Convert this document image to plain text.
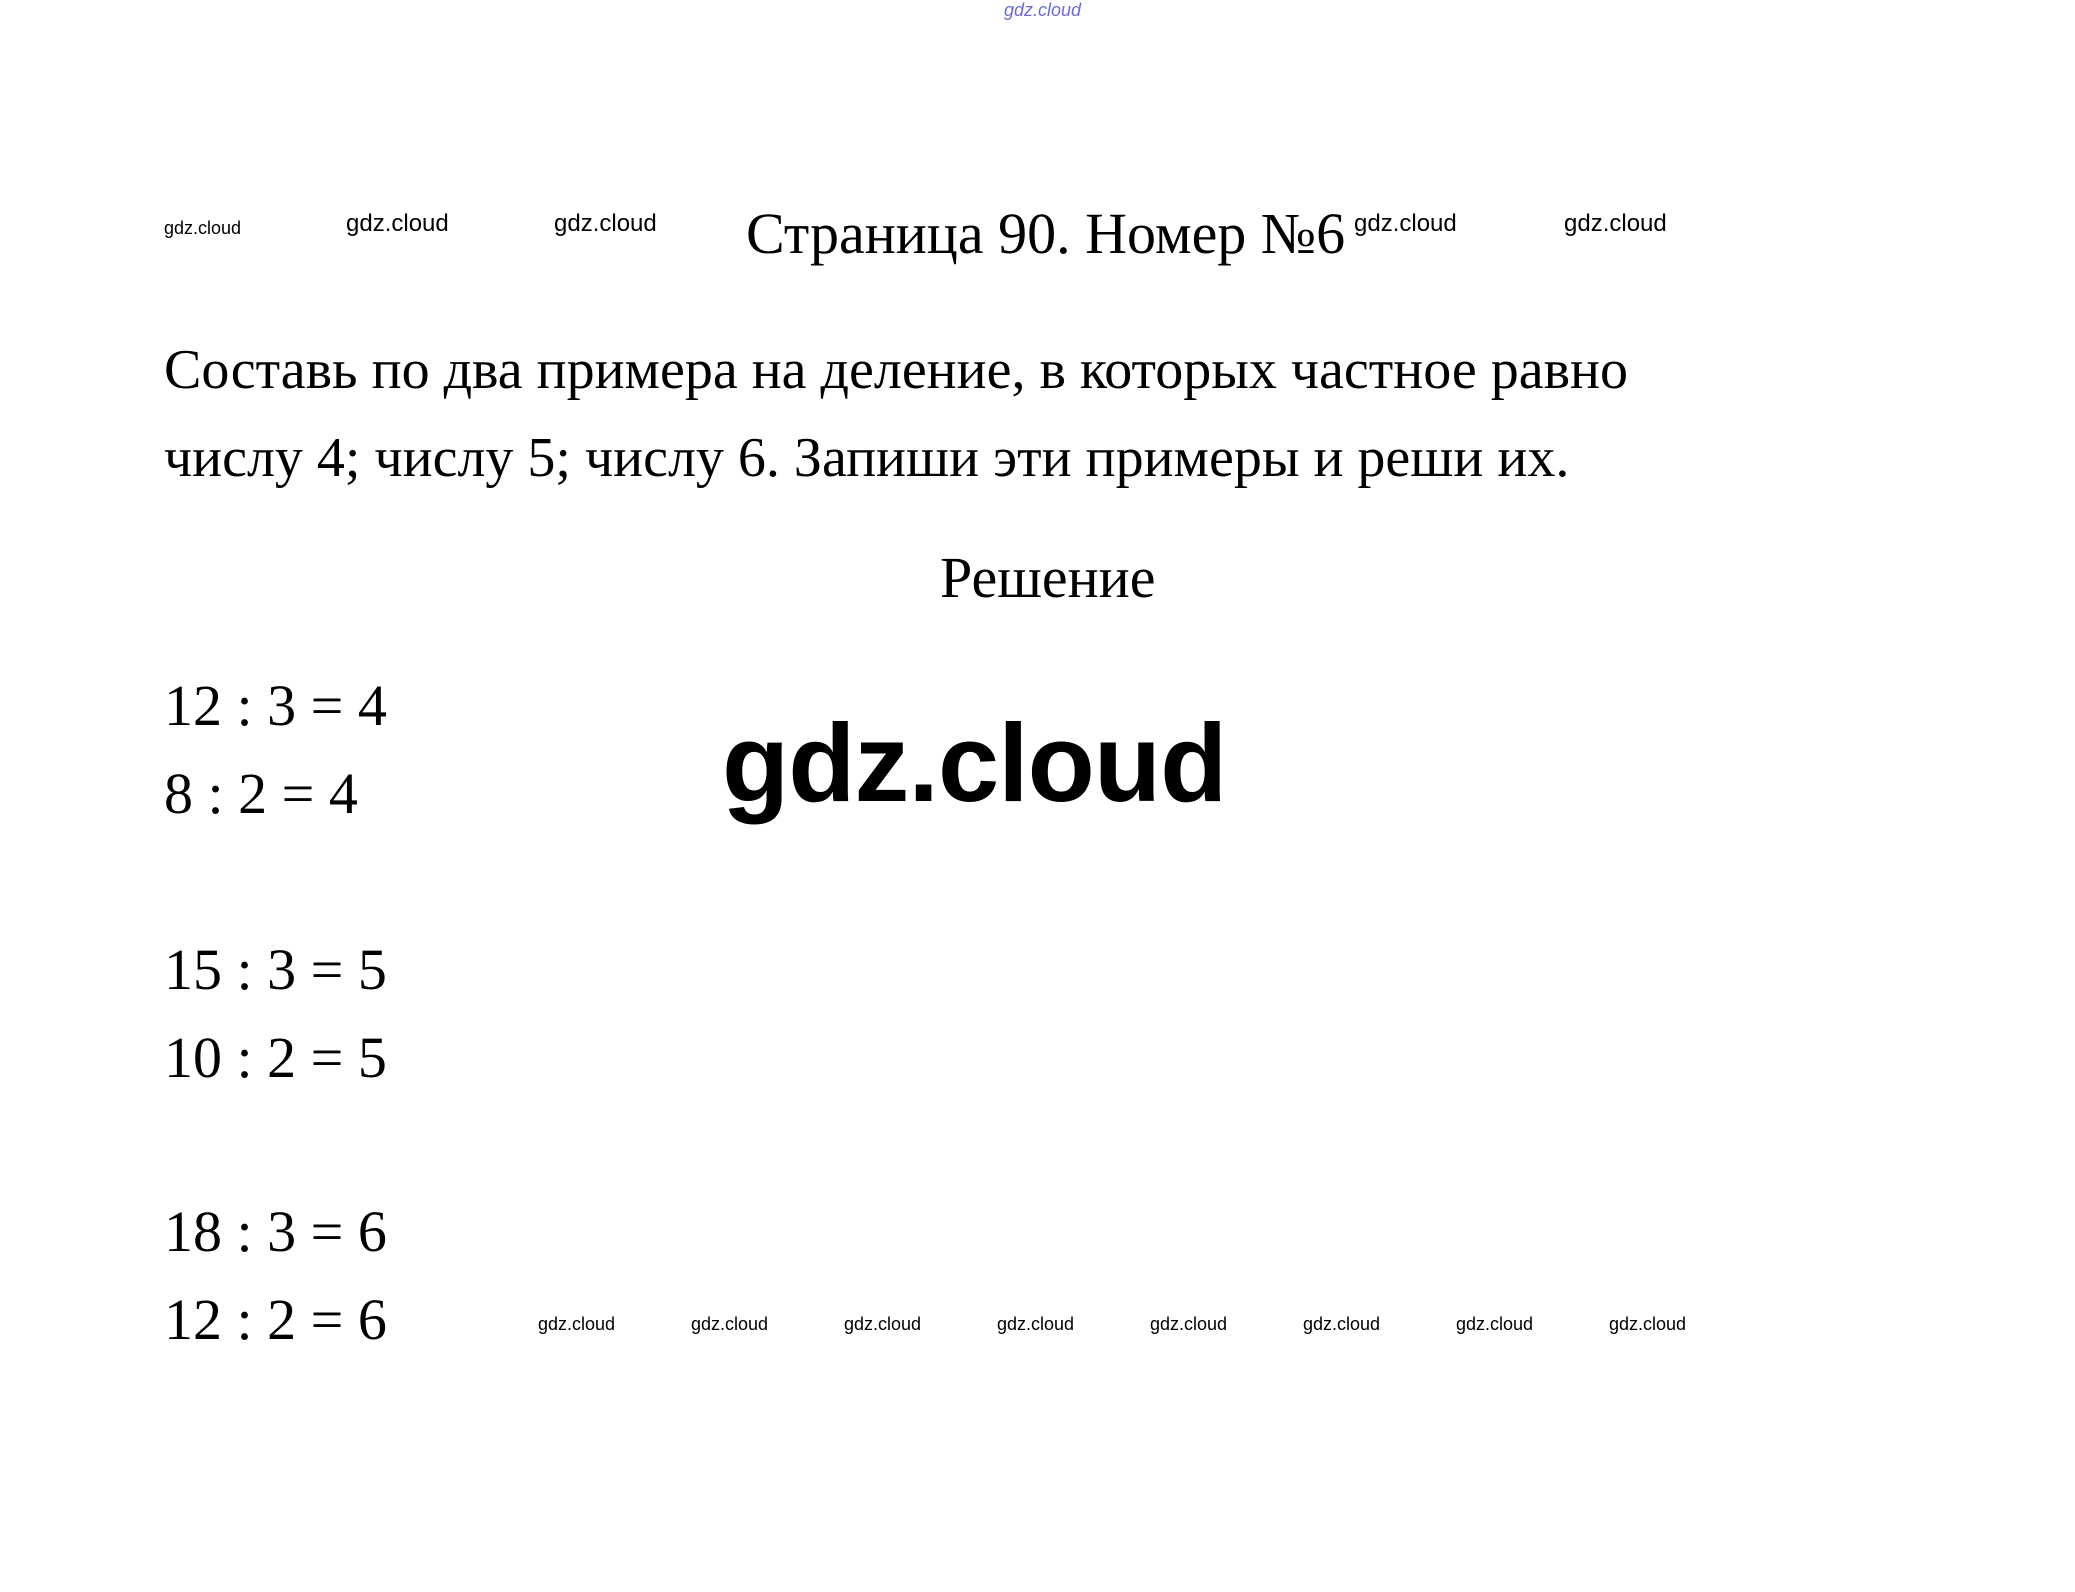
gdz.cloud
gdz.cloud	gdz.cloud	gdz.cloud	gdz.cloud	gdz.cloud
Страница 90. Номер №6
Составь по два примера на деление, в которых частное равно
числу 4; числу 5; числу 6. Запиши эти примеры и реши их.
Решение
12 : 3 = 4
8 : 2 = 4
15 : 3 = 5
10 : 2 = 5
18 : 3 = 6
12 : 2 = 6
gdz.cloud
gdz.cloud	gdz.cloud	gdz.cloud	gdz.cloud	gdz.cloud	gdz.cloud	gdz.cloud	gdz.cloud
